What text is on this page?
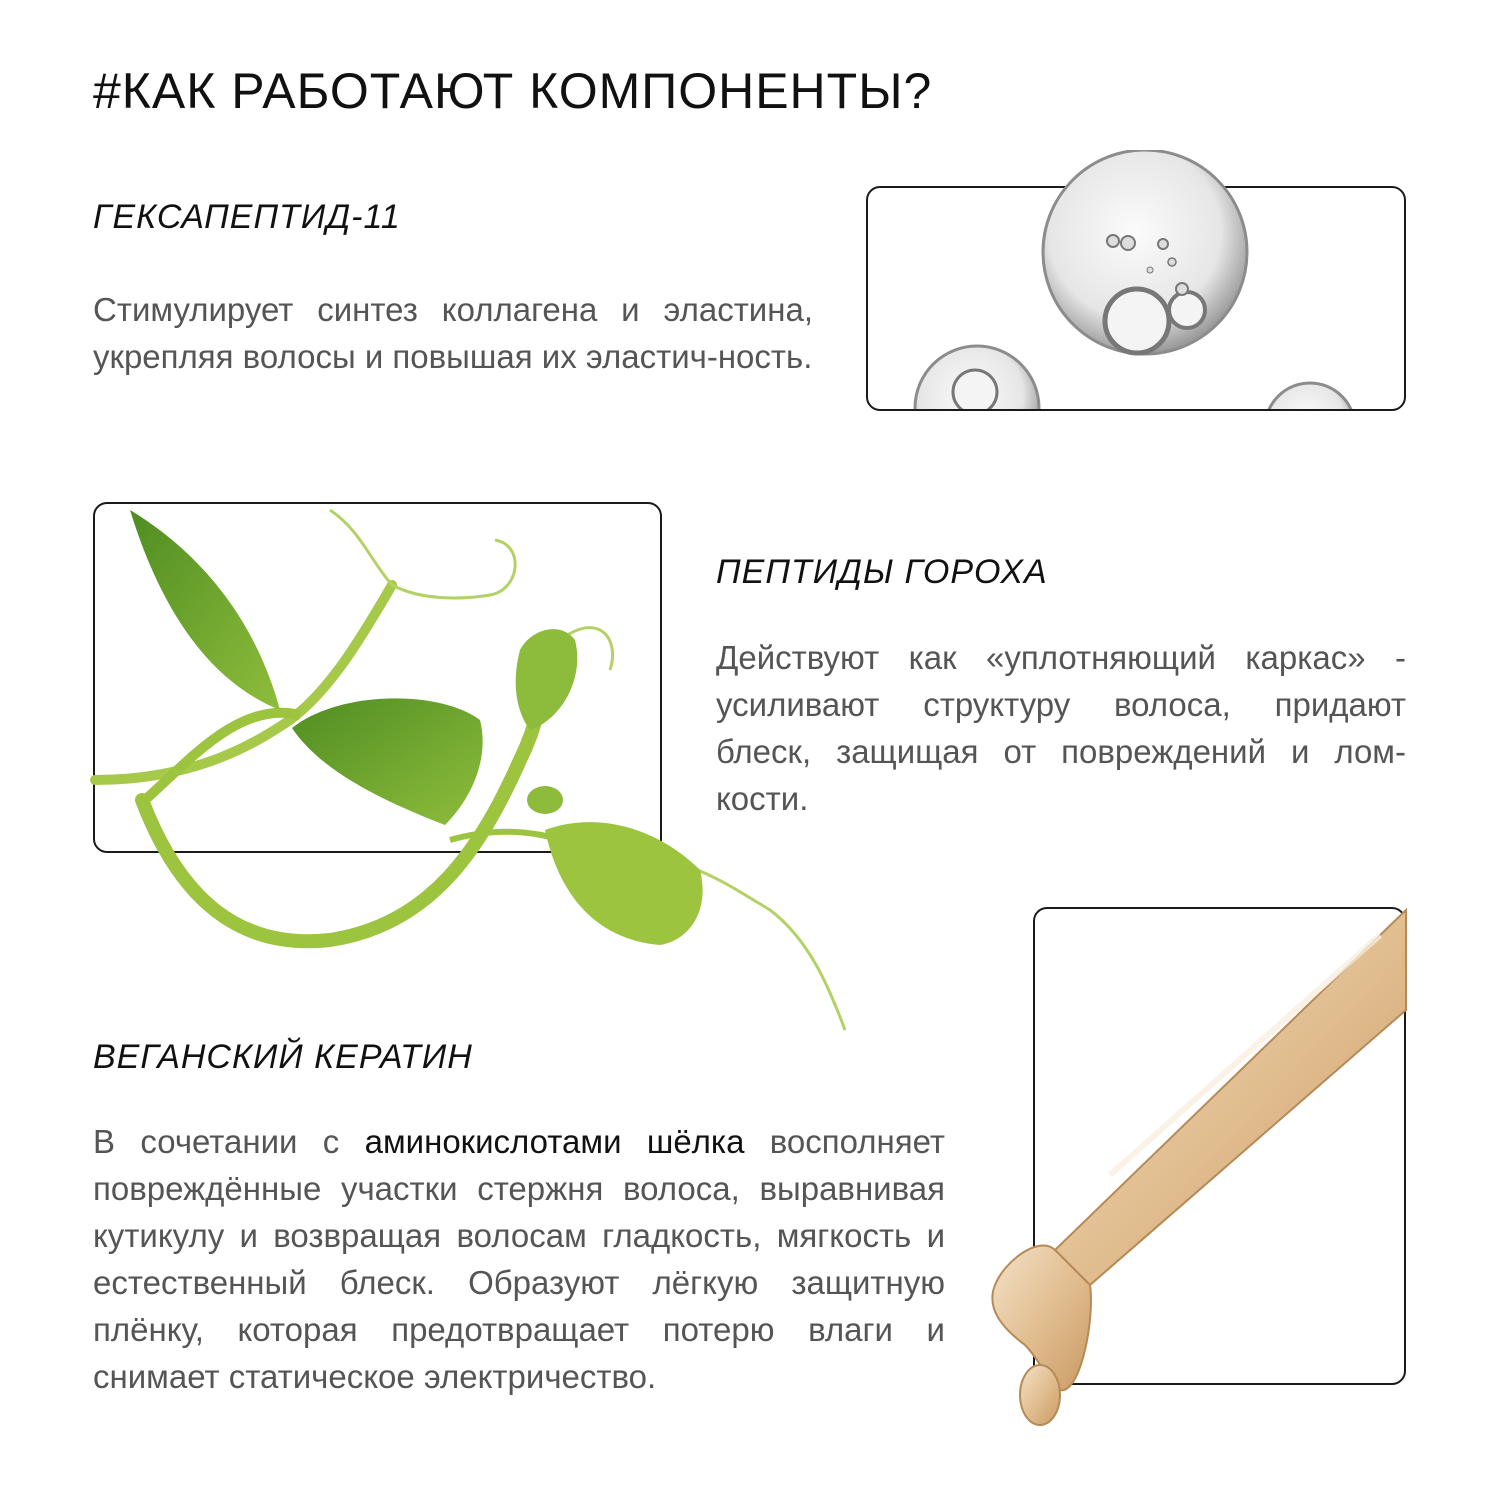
#КАК РАБОТАЮТ КОМПОНЕНТЫ?
ГЕКСАПЕПТИД-11

Стимулирует синтез коллагена и эластина, укрепляя волосы и повышая их эластич-ность.

ПЕПТИДЫ ГОРОХА

Действуют как «уплотняющий каркас» - усиливают структуру волоса, придают блеск, защищая от повреждений и лом-кости.

ВЕГАНСКИЙ КЕРАТИН

В сочетании с аминокислотами шёлка восполняет повреждённые участки стержня волоса, выравнивая кутикулу и возвращая волосам гладкость, мягкость и естественный блеск. Образуют лёгкую защитную плёнку, которая предотвращает потерю влаги и снимает статическое электричество.
